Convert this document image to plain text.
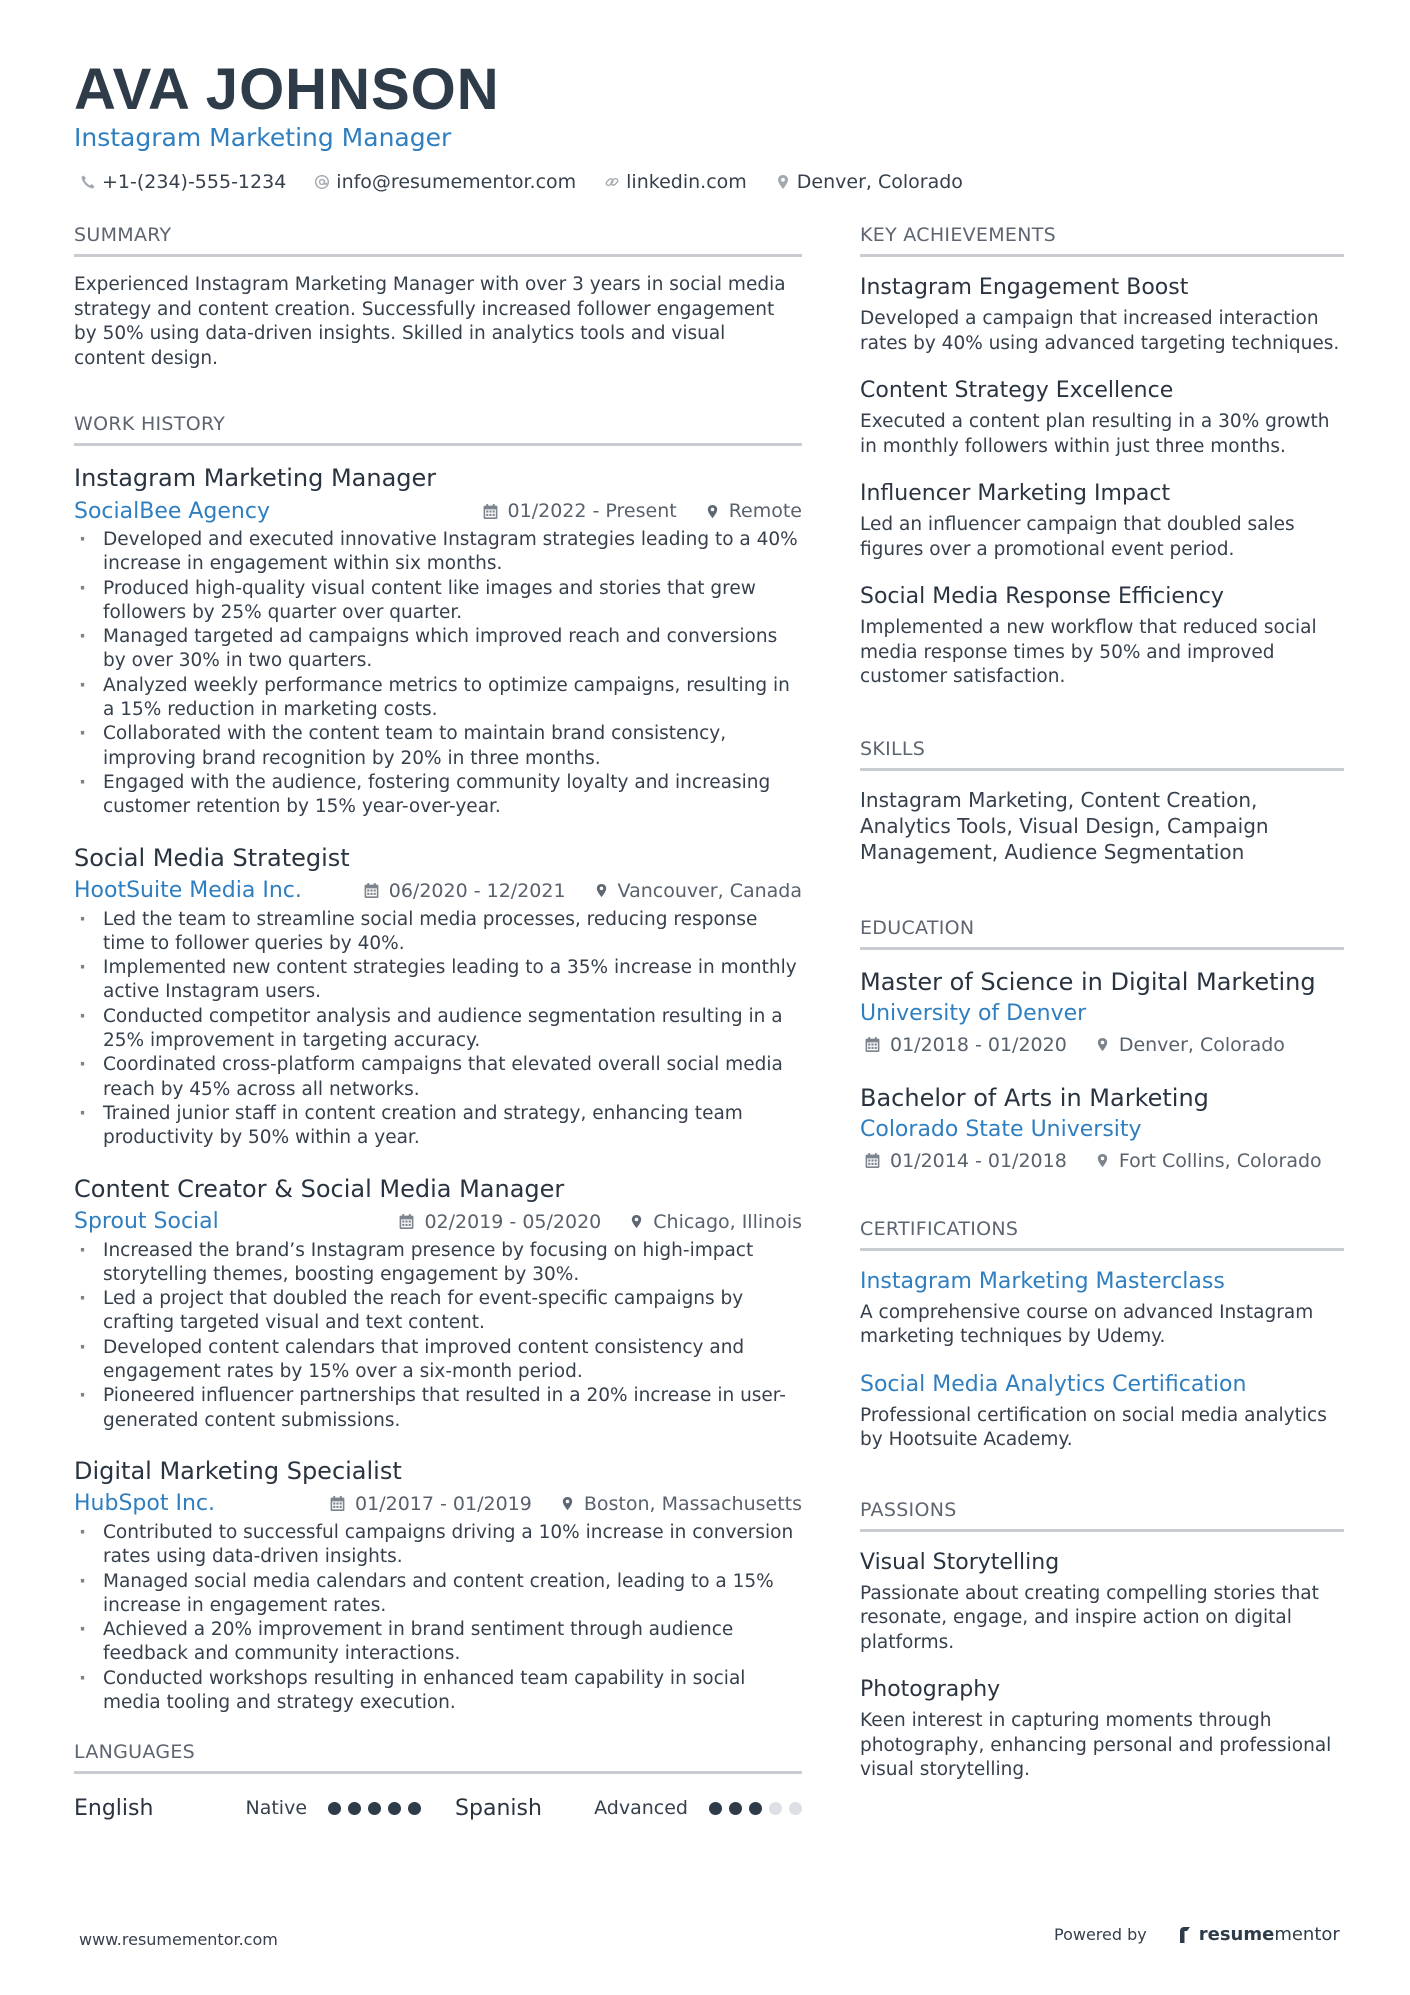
AVA JOHNSON
Instagram Marketing Manager
+1-(234)-555-1234	info@resumementor.com	linkedin.com	Denver, Colorado
SUMMARY

Experienced Instagram Marketing Manager with over 3 years in social media strategy and content creation. Successfully increased follower engagement by 50% using data-driven insights. Skilled in analytics tools and visual content design.

WORK HISTORY
Instagram Marketing Manager
SocialBee Agency	01/2022 - Present	Remote
· Developed and executed innovative Instagram strategies leading to a 40% increase in engagement within six months.
· Produced high-quality visual content like images and stories that grew followers by 25% quarter over quarter.
· Managed targeted ad campaigns which improved reach and conversions by over 30% in two quarters.
· Analyzed weekly performance metrics to optimize campaigns, resulting in a 15% reduction in marketing costs.
· Collaborated with the content team to maintain brand consistency, improving brand recognition by 20% in three months.
· Engaged with the audience, fostering community loyalty and increasing customer retention by 15% year-over-year.
Social Media Strategist
HootSuite Media Inc.	06/2020 - 12/2021	Vancouver, Canada
· Led the team to streamline social media processes, reducing response time to follower queries by 40%.
· Implemented new content strategies leading to a 35% increase in monthly active Instagram users.
· Conducted competitor analysis and audience segmentation resulting in a 25% improvement in targeting accuracy.
· Coordinated cross-platform campaigns that elevated overall social media reach by 45% across all networks.
· Trained junior staff in content creation and strategy, enhancing team productivity by 50% within a year.
Content Creator & Social Media Manager
Sprout Social	02/2019 - 05/2020	Chicago, Illinois
· Increased the brand’s Instagram presence by focusing on high-impact storytelling themes, boosting engagement by 30%.
· Led a project that doubled the reach for event-specific campaigns by crafting targeted visual and text content.
· Developed content calendars that improved content consistency and engagement rates by 15% over a six-month period.
· Pioneered influencer partnerships that resulted in a 20% increase in user-generated content submissions.
Digital Marketing Specialist
HubSpot Inc.	01/2017 - 01/2019	Boston, Massachusetts
· Contributed to successful campaigns driving a 10% increase in conversion rates using data-driven insights.
· Managed social media calendars and content creation, leading to a 15% increase in engagement rates.
· Achieved a 20% improvement in brand sentiment through audience feedback and community interactions.
· Conducted workshops resulting in enhanced team capability in social media tooling and strategy execution.
LANGUAGES
English	Native	Spanish	Advanced
KEY ACHIEVEMENTS
Instagram Engagement Boost
Developed a campaign that increased interaction rates by 40% using advanced targeting techniques.
Content Strategy Excellence
Executed a content plan resulting in a 30% growth in monthly followers within just three months.
Influencer Marketing Impact
Led an influencer campaign that doubled sales figures over a promotional event period.
Social Media Response Efficiency
Implemented a new workflow that reduced social media response times by 50% and improved customer satisfaction.
SKILLS
Instagram Marketing, Content Creation, Analytics Tools, Visual Design, Campaign Management, Audience Segmentation
EDUCATION
Master of Science in Digital Marketing
University of Denver
01/2018 - 01/2020	Denver, Colorado
Bachelor of Arts in Marketing
Colorado State University
01/2014 - 01/2018	Fort Collins, Colorado
CERTIFICATIONS
Instagram Marketing Masterclass
A comprehensive course on advanced Instagram marketing techniques by Udemy.
Social Media Analytics Certification
Professional certification on social media analytics by Hootsuite Academy.
PASSIONS
Visual Storytelling
Passionate about creating compelling stories that resonate, engage, and inspire action on digital platforms.
Photography
Keen interest in capturing moments through photography, enhancing personal and professional visual storytelling.
www.resumementor.com	Powered by	resume mentor
